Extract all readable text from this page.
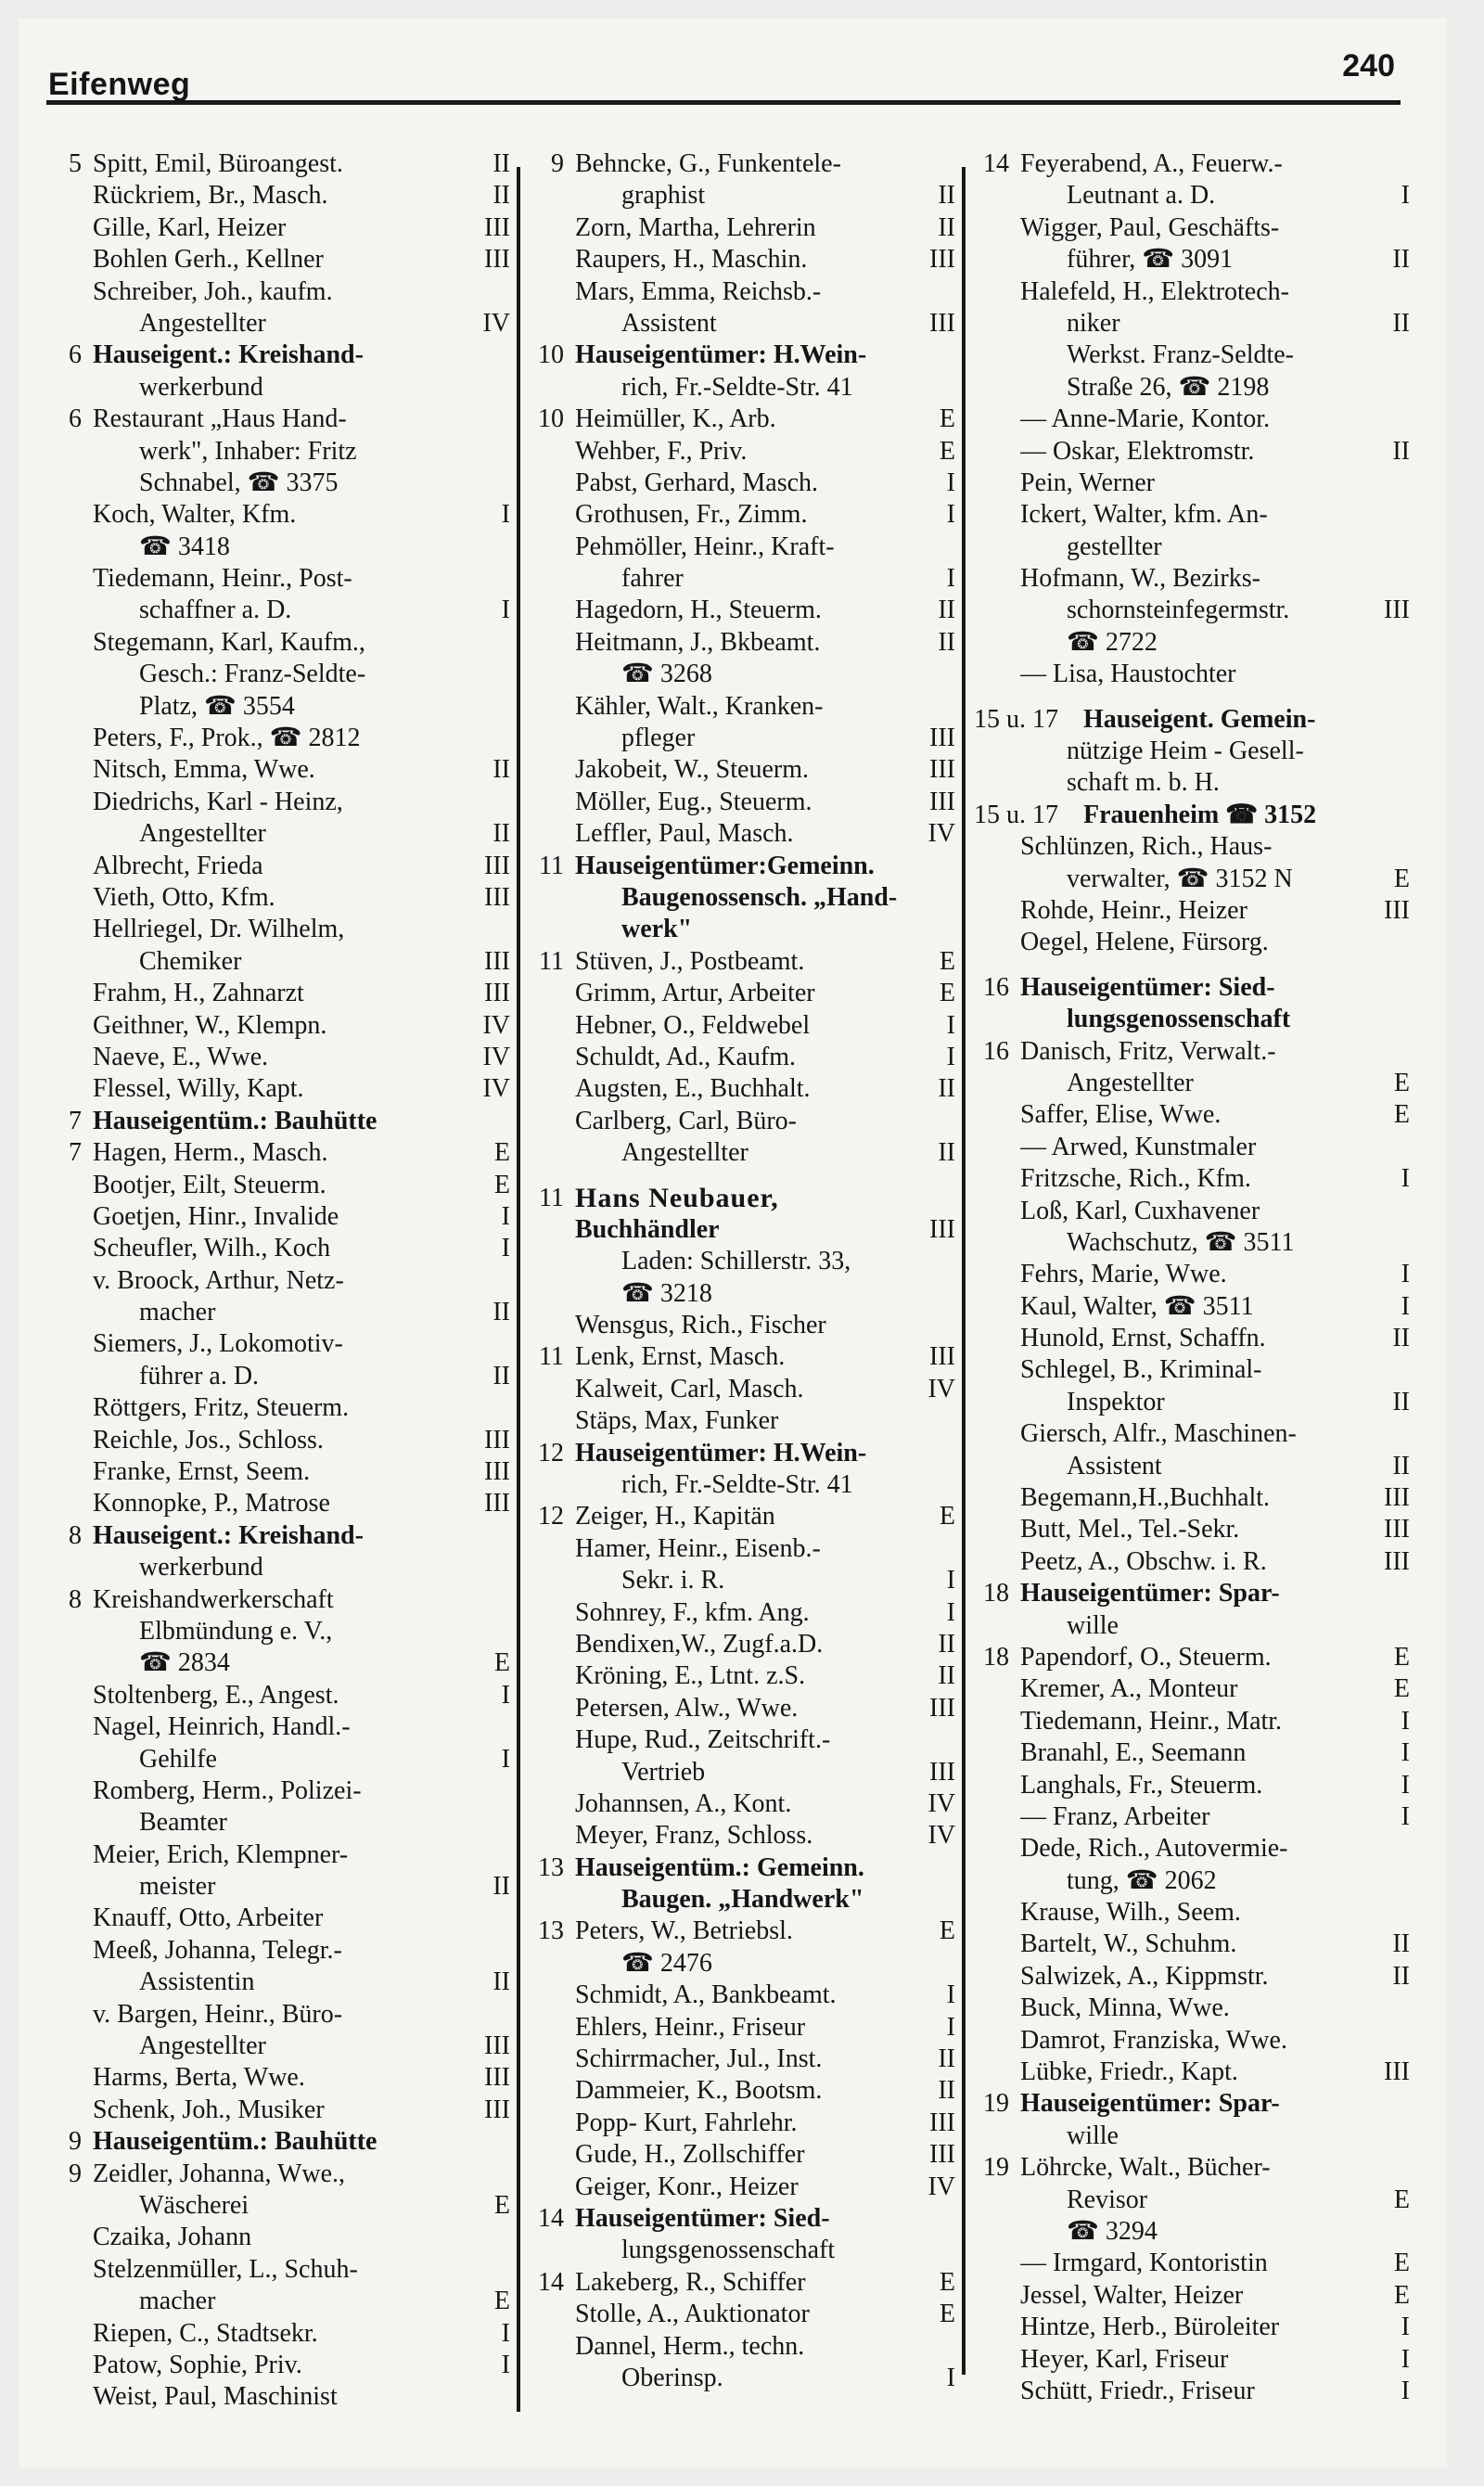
Eifenweg
240
5 Spitt, Emil, Büroangest.	II
Rückriem, Br., Masch.	II
Gille, Karl, Heizer	III
Bohlen Gerh., Kellner	III
Schreiber, Joh., kaufm.
Angestellter	IV
6 Hauseigent.: Kreishand-
werkerbund
6 Restaurant „Haus Hand-
werk", Inhaber: Fritz
Schnabel, ☎ 3375
Koch, Walter, Kfm.	I
☎ 3418
Tiedemann, Heinr., Post-
schaffner a. D.	I
Stegemann, Karl, Kaufm.,
Gesch.: Franz-Seldte-
Platz, ☎ 3554
Peters, F., Prok., ☎ 2812
Nitsch, Emma, Wwe.	II
Diedrichs, Karl - Heinz,
Angestellter	II
Albrecht, Frieda	III
Vieth, Otto, Kfm.	III
Hellriegel, Dr. Wilhelm,
Chemiker	III
Frahm, H., Zahnarzt	III
Geithner, W., Klempn.	IV
Naeve, E., Wwe.	IV
Flessel, Willy, Kapt.	IV
7 Hauseigentüm.: Bauhütte
7 Hagen, Herm., Masch.	E
Bootjer, Eilt, Steuerm.	E
Goetjen, Hinr., Invalide	I
Scheufler, Wilh., Koch	I
v. Broock, Arthur, Netz-
macher	II
Siemers, J., Lokomotiv-
führer a. D.	II
Röttgers, Fritz, Steuerm.
Reichle, Jos., Schloss.	III
Franke, Ernst, Seem.	III
Konnopke, P., Matrose	III
8 Hauseigent.: Kreishand-
werkerbund
8 Kreishandwerkerschaft
Elbmündung e. V.,
☎ 2834	E
Stoltenberg, E., Angest.	I
Nagel, Heinrich, Handl.-
Gehilfe	I
Romberg, Herm., Polizei-
Beamter
Meier, Erich, Klempner-
meister	II
Knauff, Otto, Arbeiter
Meeß, Johanna, Telegr.-
Assistentin	II
v. Bargen, Heinr., Büro-
Angestellter	III
Harms, Berta, Wwe.	III
Schenk, Joh., Musiker	III
9 Hauseigentüm.: Bauhütte
9 Zeidler, Johanna, Wwe.,
Wäscherei	E
Czaika, Johann
Stelzenmüller, L., Schuh-
macher	E
Riepen, C., Stadtsekr.	I
Patow, Sophie, Priv.	I
Weist, Paul, Maschinist
9 Behncke, G., Funkentele-
graphist	II
Zorn, Martha, Lehrerin	II
Raupers, H., Maschin.	III
Mars, Emma, Reichsb.-
Assistent	III
10 Hauseigentümer: H.Wein-
rich, Fr.-Seldte-Str. 41
10 Heimüller, K., Arb.	E
Wehber, F., Priv.	E
Pabst, Gerhard, Masch.	I
Grothusen, Fr., Zimm.	I
Pehmöller, Heinr., Kraft-
fahrer	I
Hagedorn, H., Steuerm.	II
Heitmann, J., Bkbeamt.	II
☎ 3268
Kähler, Walt., Kranken-
pfleger	III
Jakobeit, W., Steuerm.	III
Möller, Eug., Steuerm.	III
Leffler, Paul, Masch.	IV
11 Hauseigentümer:Gemeinn.
Baugenossensch. „Hand-
werk"
11 Stüven, J., Postbeamt.	E
Grimm, Artur, Arbeiter	E
Hebner, O., Feldwebel	I
Schuldt, Ad., Kaufm.	I
Augsten, E., Buchhalt.	II
Carlberg, Carl, Büro-
Angestellter	II
11 Hans Neubauer,
Buchhändler	III
Laden: Schillerstr. 33,
☎ 3218
Wensgus, Rich., Fischer
11 Lenk, Ernst, Masch.	III
Kalweit, Carl, Masch.	IV
Stäps, Max, Funker
12 Hauseigentümer: H.Wein-
rich, Fr.-Seldte-Str. 41
12 Zeiger, H., Kapitän	E
Hamer, Heinr., Eisenb.-
Sekr. i. R.	I
Sohnrey, F., kfm. Ang.	I
Bendixen,W., Zugf.a.D.	II
Kröning, E., Ltnt. z.S.	II
Petersen, Alw., Wwe.	III
Hupe, Rud., Zeitschrift.-
Vertrieb	III
Johannsen, A., Kont.	IV
Meyer, Franz, Schloss.	IV
13 Hauseigentüm.: Gemeinn.
Baugen. „Handwerk"
13 Peters, W., Betriebsl.	E
☎ 2476
Schmidt, A., Bankbeamt.	I
Ehlers, Heinr., Friseur	I
Schirrmacher, Jul., Inst.	II
Dammeier, K., Bootsm.	II
Popp- Kurt, Fahrlehr.	III
Gude, H., Zollschiffer	III
Geiger, Konr., Heizer	IV
14 Hauseigentümer: Sied-
lungsgenossenschaft
14 Lakeberg, R., Schiffer	E
Stolle, A., Auktionator	E
Dannel, Herm., techn.
Oberinsp.	I
14 Feyerabend, A., Feuerw.-
Leutnant a. D.	I
Wigger, Paul, Geschäfts-
führer, ☎ 3091	II
Halefeld, H., Elektrotech-
niker	II
Werkst. Franz-Seldte-
Straße 26, ☎ 2198
— Anne-Marie, Kontor.
— Oskar, Elektromstr.	II
Pein, Werner
Ickert, Walter, kfm. An-
gestellter
Hofmann, W., Bezirks-
schornsteinfegermstr.	III
☎ 2722
— Lisa, Haustochter
15 u. 17 Hauseigent. Gemein-
nützige Heim - Gesell-
schaft m. b. H.
15 u. 17 Frauenheim ☎ 3152
Schlünzen, Rich., Haus-
verwalter, ☎ 3152 N	E
Rohde, Heinr., Heizer	III
Oegel, Helene, Fürsorg.
16 Hauseigentümer: Sied-
lungsgenossenschaft
16 Danisch, Fritz, Verwalt.-
Angestellter	E
Saffer, Elise, Wwe.	E
— Arwed, Kunstmaler
Fritzsche, Rich., Kfm.	I
Loß, Karl, Cuxhavener
Wachschutz, ☎ 3511
Fehrs, Marie, Wwe.	I
Kaul, Walter, ☎ 3511	I
Hunold, Ernst, Schaffn.	II
Schlegel, B., Kriminal-
Inspektor	II
Giersch, Alfr., Maschinen-
Assistent	II
Begemann,H.,Buchhalt.	III
Butt, Mel., Tel.-Sekr.	III
Peetz, A., Obschw. i. R.	III
18 Hauseigentümer: Spar-
wille
18 Papendorf, O., Steuerm.	E
Kremer, A., Monteur	E
Tiedemann, Heinr., Matr.	I
Branahl, E., Seemann	I
Langhals, Fr., Steuerm.	I
— Franz, Arbeiter	I
Dede, Rich., Autovermie-
tung, ☎ 2062
Krause, Wilh., Seem.
Bartelt, W., Schuhm.	II
Salwizek, A., Kippmstr.	II
Buck, Minna, Wwe.
Damrot, Franziska, Wwe.
Lübke, Friedr., Kapt.	III
19 Hauseigentümer: Spar-
wille
19 Löhrcke, Walt., Bücher-
Revisor	E
☎ 3294
— Irmgard, Kontoristin	E
Jessel, Walter, Heizer	E
Hintze, Herb., Büroleiter	I
Heyer, Karl, Friseur	I
Schütt, Friedr., Friseur	I
